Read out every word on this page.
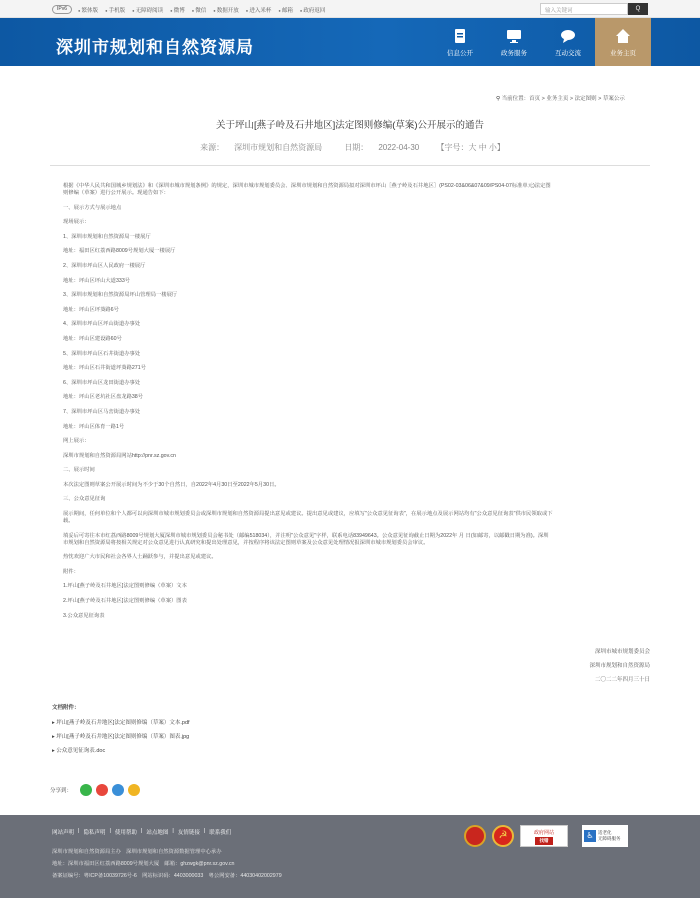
IPv6	● 繁体版	● 手机版	● 无障碍阅读	● 微博	● 微信	● 数据开放	● 进入米杯	● 邮箱	● 政府返回	输入关键词	Q
深圳市规划和自然资源局	信息公开	政务服务	互动交流	业务主页
⚲ 当前位置：首页 > 业务主页 > 法定图则 > 草案公示
关于坪山[燕子岭及石井地区]法定图则修编(草案)公开展示的通告
来源： 深圳市规划和自然资源局	日期： 2022-04-30 【字号：大 中 小】

根据《中华人民共和国城乡规划法》和《深圳市城市规划条例》的规定，深圳市城市规划委员会、深圳市规划和自然资源局拟对深圳市坪山［燕子岭及石井地区］(PS02-03&06&07&09/PS04-07标准单元)法定图

则修编（草案）进行公开展示。现通告如下：

一、展示方式与展示地点

现场展示：

1、深圳市规划和自然资源局一楼展厅

地址：福田区红荔西路8009号规划大厦一楼展厅

2、深圳市坪山区人民政府一楼展厅

地址：坪山区坪山大道333号

3、深圳市规划和自然资源局坪山管理局一楼展厅

地址：坪山区坪葵路6号

4、深圳市坪山区坪山街道办事处

地址：坪山区建设路60号

5、深圳市坪山区石井街道办事处

地址：坪山区石井街道坪葵路271号

6、深圳市坪山区龙田街道办事处

地址：坪山区老坑社区盘龙路38号

7、深圳市坪山区马峦街道办事处

地址：坪山区体育一路1号

网上展示：

深圳市规划和自然资源局网站http://pnr.sz.gov.cn

二、展示时间

本次法定图则草案公开展示时间为不少于30个自然日，自2022年4月30日至2022年5月30日。

三、公众意见征询

展示期间，任何单位和个人都可以向深圳市城市规划委员会或深圳市规划和自然资源局提出意见或建议。提出意见或建议，应填写"公众意见征询表"，在展示地点及展示网站均有"公众意见征询表"供市民领取或下

载。

填妥后可寄往本市红荔西路8009号规划大厦深圳市城市规划委员会秘书处（邮编518034），并注明"公众意见"字样，联系电话83949643。公众意见征询截止日期为2022年 月 日(如邮寄，以邮戳日期为准)。深圳

市规划和自然资源局将按相关规定对公众意见进行认真研究和提出处理意见，并按程序将该法定图则草案及公众意见处理情况报深圳市城市规划委员会审议。

热忱欢迎广大市民和社会各界人士踊跃参与，并提出意见或建议。

附件：

1.坪山[燕子岭及石井地区]法定图则修编（草案）文本

2.坪山[燕子岭及石井地区]法定图则修编（草案）图表

3.公众意见征询表

深圳市城市规划委员会
深圳市规划和自然资源局
二〇二二年四月三十日
文档附件：
▸ 坪山[燕子岭及石井地区]法定图则修编（草案）文本.pdf
▸ 坪山[燕子岭及石井地区]法定图则修编（草案）图表.jpg
▸ 公众意见征询表.doc
分享到：
网站声明 | 隐私声明 | 使用帮助 | 站点地图 | 友情链接 | 联系我们
深圳市规划和自然资源局主办　深圳市规划和自然资源数据管理中心承办
地址：深圳市福田区红荔西路8009号规划大厦　邮箱：ghzwgk@pnr.sz.gov.cn
备案证编号：粤ICP备10039726号-6　网站标识码：4403000033　粤公网安备：44030402002979
☭	政府网站
找错
♿ 适老化
无障碍服务
